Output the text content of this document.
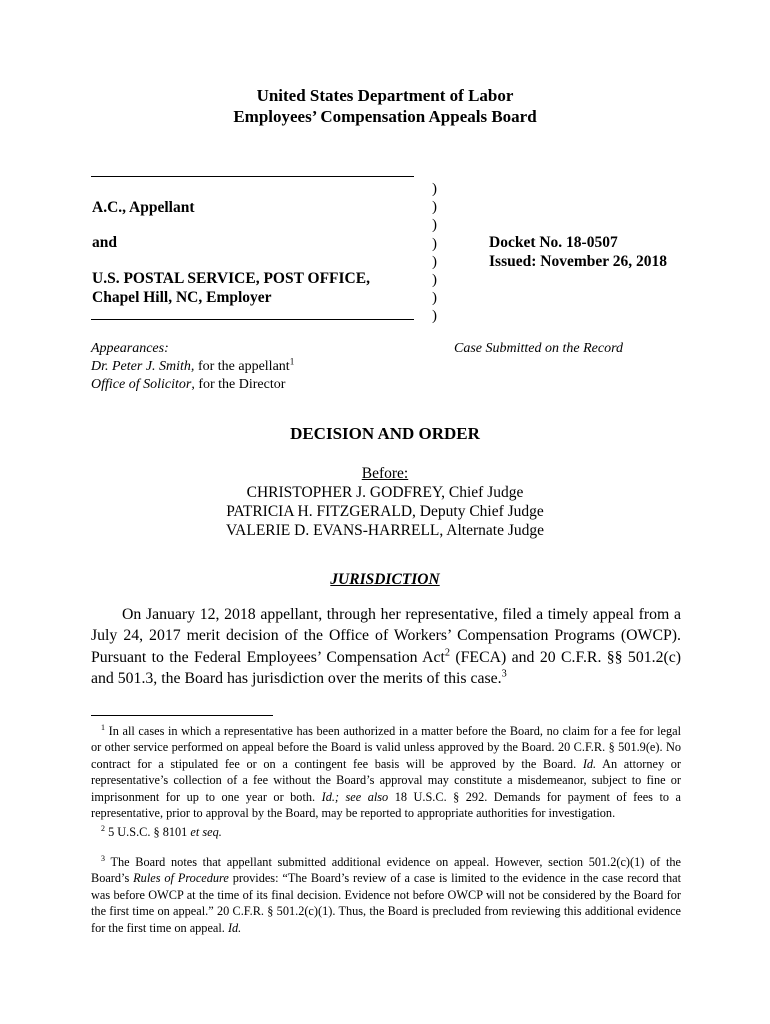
United States Department of Labor
Employees’ Compensation Appeals Board
A.C., Appellant
and
U.S. POSTAL SERVICE, POST OFFICE,
Chapel Hill, NC, Employer
)
)
)
)
)
)
)
)
Docket No. 18-0507
Issued: November 26, 2018
Appearances:
Dr. Peter J. Smith, for the appellant$^1$
Office of Solicitor, for the Director
Case Submitted on the Record
DECISION AND ORDER
Before:
CHRISTOPHER J. GODFREY, Chief Judge
PATRICIA H. FITZGERALD, Deputy Chief Judge
VALERIE D. EVANS-HARRELL, Alternate Judge
JURISDICTION
On January 12, 2018 appellant, through her representative, filed a timely appeal from a July 24, 2017 merit decision of the Office of Workers’ Compensation Programs (OWCP). Pursuant to the Federal Employees’ Compensation Act$^2$ (FECA) and 20 C.F.R. §§ 501.2(c) and 501.3, the Board has jurisdiction over the merits of this case.$^3$
$^1$ In all cases in which a representative has been authorized in a matter before the Board, no claim for a fee for legal or other service performed on appeal before the Board is valid unless approved by the Board. 20 C.F.R. § 501.9(e). No contract for a stipulated fee or on a contingent fee basis will be approved by the Board. Id. An attorney or representative’s collection of a fee without the Board’s approval may constitute a misdemeanor, subject to fine or imprisonment for up to one year or both. Id.; see also 18 U.S.C. § 292. Demands for payment of fees to a representative, prior to approval by the Board, may be reported to appropriate authorities for investigation.
$^2$ 5 U.S.C. § 8101 et seq.
$^3$ The Board notes that appellant submitted additional evidence on appeal. However, section 501.2(c)(1) of the Board’s Rules of Procedure provides: “The Board’s review of a case is limited to the evidence in the case record that was before OWCP at the time of its final decision. Evidence not before OWCP will not be considered by the Board for the first time on appeal.” 20 C.F.R. § 501.2(c)(1). Thus, the Board is precluded from reviewing this additional evidence for the first time on appeal. Id.
